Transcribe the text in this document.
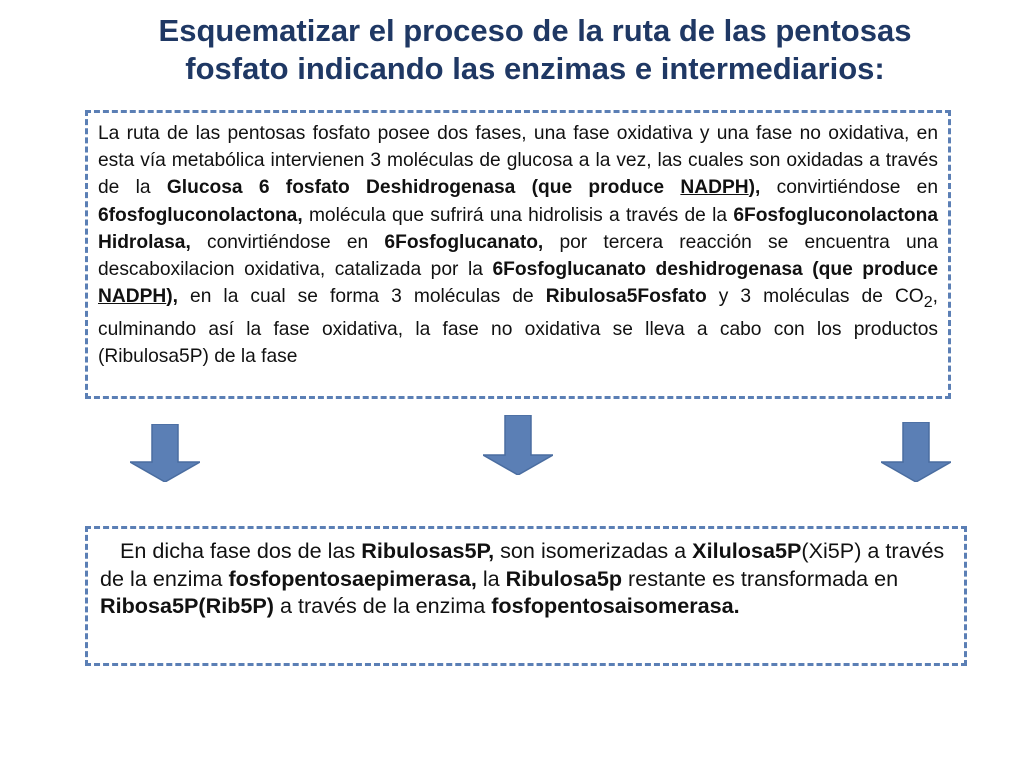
Esquematizar el proceso de la ruta de las pentosas
fosfato indicando las enzimas e intermediarios:

La ruta de las pentosas fosfato posee dos fases, una fase oxidativa y una fase no oxidativa, en esta vía metabólica intervienen 3 moléculas de glucosa a la vez, las cuales son oxidadas a través de la Glucosa 6 fosfato Deshidrogenasa (que produce NADPH), convirtiéndose en 6fosfogluconolactona, molécula que sufrirá una hidrolisis a través de la 6Fosfogluconolactona Hidrolasa, convirtiéndose en 6Fosfoglucanato, por tercera reacción se encuentra una descaboxilacion oxidativa, catalizada por la 6Fosfoglucanato deshidrogenasa (que produce NADPH), en la cual se forma 3 moléculas de Ribulosa5Fosfato y 3 moléculas de $CO_2$, culminando así la fase oxidativa, la fase no oxidativa se lleva a cabo con los productos (Ribulosa5P) de la fase

En dicha fase dos de las Ribulosas5P, son isomerizadas a Xilulosa5P(Xi5P) a través de la enzima fosfopentosaepimerasa, la Ribulosa5p restante es transformada en Ribosa5P(Rib5P) a través de la enzima fosfopentosaisomerasa.
